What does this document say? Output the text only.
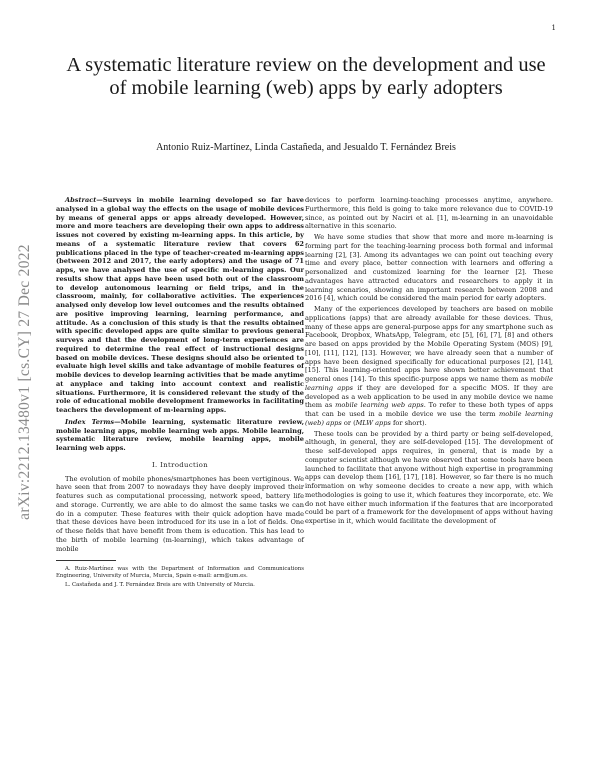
1
arXiv:2212.13480v1 [cs.CY] 27 Dec 2022
A systematic literature review on the development and use of mobile learning (web) apps by early adopters
Antonio Ruiz-Martínez, Linda Castañeda, and Jesualdo T. Fernández Breis

Abstract—Surveys in mobile learning developed so far have analysed in a global way the effects on the usage of mobile devices by means of general apps or apps already developed. However, more and more teachers are developing their own apps to address issues not covered by existing m-learning apps. In this article, by means of a systematic literature review that covers 62 publications placed in the type of teacher-created m-learning apps (between 2012 and 2017, the early adopters) and the usage of 71 apps, we have analysed the use of specific m-learning apps. Our results show that apps have been used both out of the classroom to develop autonomous learning or field trips, and in the classroom, mainly, for collaborative activities. The experiences analysed only develop low level outcomes and the results obtained are positive improving learning, learning performance, and attitude. As a conclusion of this study is that the results obtained with specific developed apps are quite similar to previous general surveys and that the development of long-term experiences are required to determine the real effect of instructional designs based on mobile devices. These designs should also be oriented to evaluate high level skills and take advantage of mobile features of mobile devices to develop learning activities that be made anytime at anyplace and taking into account context and realistic situations. Furthermore, it is considered relevant the study of the role of educational mobile development frameworks in facilitating teachers the development of m-learning apps.

Index Terms—Mobile learning, systematic literature review, mobile learning apps, mobile learning web apps. Mobile learning, systematic literature review, mobile learning apps, mobile learning web apps.

I. Introduction

The evolution of mobile phones/smartphones has been vertiginous. We have seen that from 2007 to nowadays they have deeply improved their features such as computational processing, network speed, battery life and storage. Currently, we are able to do almost the same tasks we can do in a computer. These features with their quick adoption have made that these devices have been introduced for its use in a lot of fields. One of these fields that have benefit from them is education. This has lead to the birth of mobile learning (m-learning), which takes advantage of mobile

A. Ruiz-Martínez was with the Department of Information and Communications Engineering, University of Murcia, Murcia, Spain e-mail: arm@um.es.

L. Castañeda and J. T. Fernández Breis are with University of Murcia.

devices to perform learning-teaching processes anytime, anywhere. Furthermore, this field is going to take more relevance due to COVID-19 since, as pointed out by Naciri et al. [1], m-learning in an unavoidable alternative in this scenario.

We have some studies that show that more and more m-learning is forming part for the teaching-learning process both formal and informal learning [2], [3]. Among its advantages we can point out teaching every time and every place, better connection with learners and offering a personalized and customized learning for the learner [2]. These advantages have attracted educators and researchers to apply it in learning scenarios, showing an important research between 2008 and 2016 [4], which could be considered the main period for early adopters.

Many of the experiences developed by teachers are based on mobile applications (apps) that are already available for these devices. Thus, many of these apps are general-purpose apps for any smartphone such as Facebook, Dropbox, WhatsApp, Telegram, etc [5], [6], [7], [8] and others are based on apps provided by the Mobile Operating System (MOS) [9], [10], [11], [12], [13]. However, we have already seen that a number of apps have been designed specifically for educational purposes [2], [14], [15]. This learning-oriented apps have shown better achievement that general ones [14]. To this specific-purpose apps we name them as mobile learning apps if they are developed for a specific MOS. If they are developed as a web application to be used in any mobile device we name them as mobile learning web apps. To refer to these both types of apps that can be used in a mobile device we use the term mobile learning (web) apps or (MLW apps for short).

These tools can be provided by a third party or being self-developed, although, in general, they are self-developed [15]. The development of these self-developed apps requires, in general, that is made by a computer scientist although we have observed that some tools have been launched to facilitate that anyone without high expertise in programming apps can develop them [16], [17], [18]. However, so far there is no much information on why someone decides to create a new app, with which methodologies is going to use it, which features they incorporate, etc. We do not have either much information if the features that are incorporated could be part of a framework for the development of apps without having expertise in it, which would facilitate the development of
